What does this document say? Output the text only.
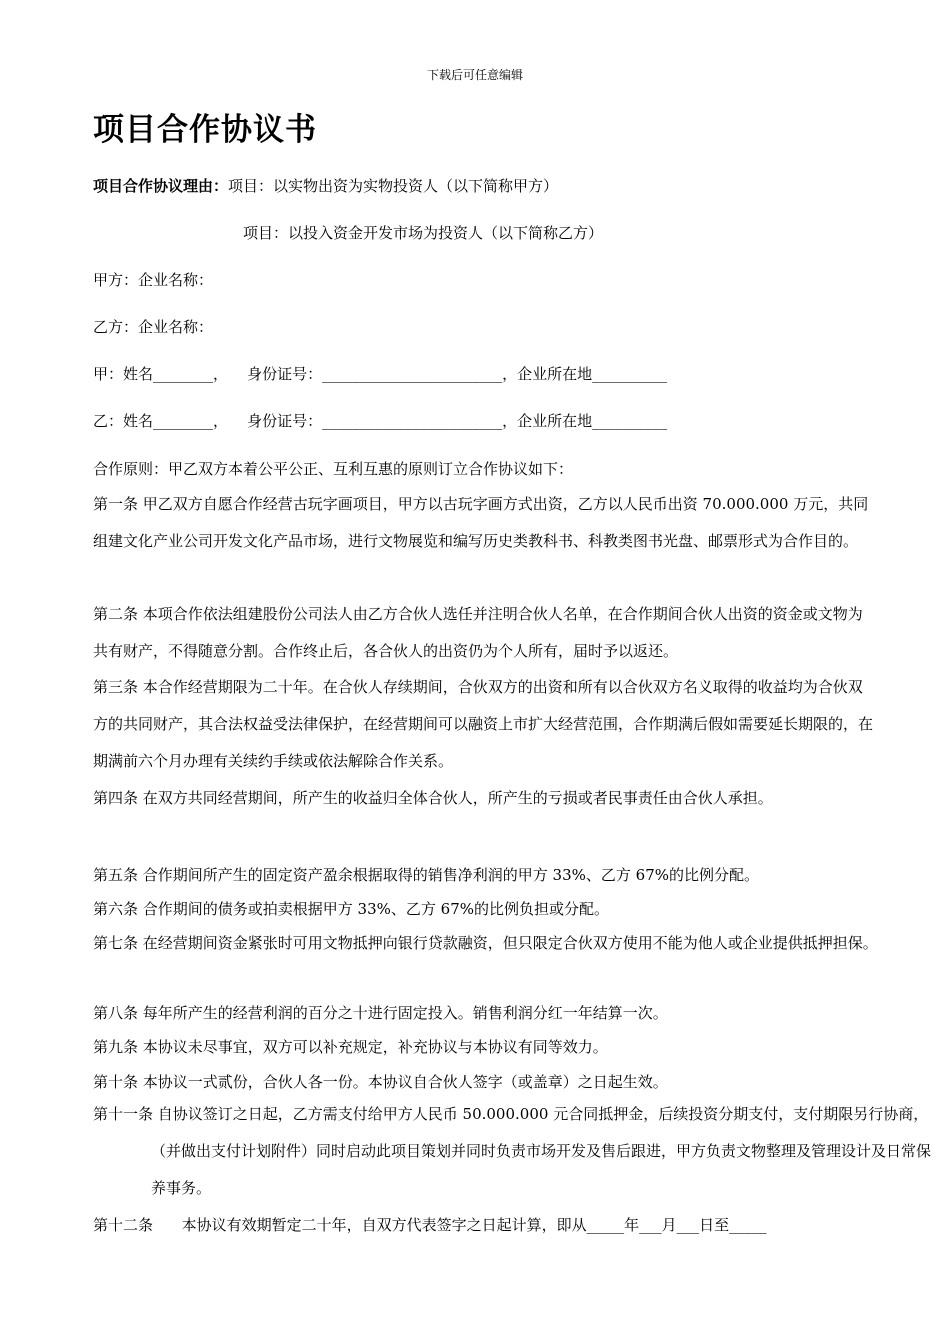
下载后可任意编辑
项目合作协议书
项目合作协议理由：项目：以实物出资为实物投资人（以下简称甲方）
项目：以投入资金开发市场为投资人（以下简称乙方）
甲方：企业名称：
乙方：企业名称：
甲：姓名________，    身份证号：________________________，企业所在地__________
乙：姓名________，    身份证号：________________________，企业所在地__________
合作原则：甲乙双方本着公平公正、互利互惠的原则订立合作协议如下：
第一条 甲乙双方自愿合作经营古玩字画项目，甲方以古玩字画方式出资，乙方以人民币出资 70.000.000 万元，共同组建文化产业公司开发文化产品市场，进行文物展览和编写历史类教科书、科教类图书光盘、邮票形式为合作目的。
第二条 本项合作依法组建股份公司法人由乙方合伙人选任并注明合伙人名单，在合作期间合伙人出资的资金或文物为共有财产，不得随意分割。合作终止后，各合伙人的出资仍为个人所有，届时予以返还。
第三条 本合作经营期限为二十年。在合伙人存续期间，合伙双方的出资和所有以合伙双方名义取得的收益均为合伙双方的共同财产，其合法权益受法律保护，在经营期间可以融资上市扩大经营范围，合作期满后假如需要延长期限的，在期满前六个月办理有关续约手续或依法解除合作关系。
第四条 在双方共同经营期间，所产生的收益归全体合伙人，所产生的亏损或者民事责任由合伙人承担。
第五条 合作期间所产生的固定资产盈余根据取得的销售净利润的甲方 33%、乙方 67%的比例分配。
第六条 合作期间的债务或拍卖根据甲方 33%、乙方 67%的比例负担或分配。
第七条 在经营期间资金紧张时可用文物抵押向银行贷款融资，但只限定合伙双方使用不能为他人或企业提供抵押担保。
第八条 每年所产生的经营利润的百分之十进行固定投入。销售利润分红一年结算一次。
第九条 本协议未尽事宜，双方可以补充规定，补充协议与本协议有同等效力。
第十条 本协议一式贰份，合伙人各一份。本协议自合伙人签字（或盖章）之日起生效。
第十一条 自协议签订之日起，乙方需支付给甲方人民币 50.000.000 元合同抵押金，后续投资分期支付，支付期限另行协商，（并做出支付计划附件）同时启动此项目策划并同时负责市场开发及售后跟进，甲方负责文物整理及管理设计及日常保养事务。
第十二条      本协议有效期暂定二十年，自双方代表签字之日起计算，即从_____年___月___日至_____
